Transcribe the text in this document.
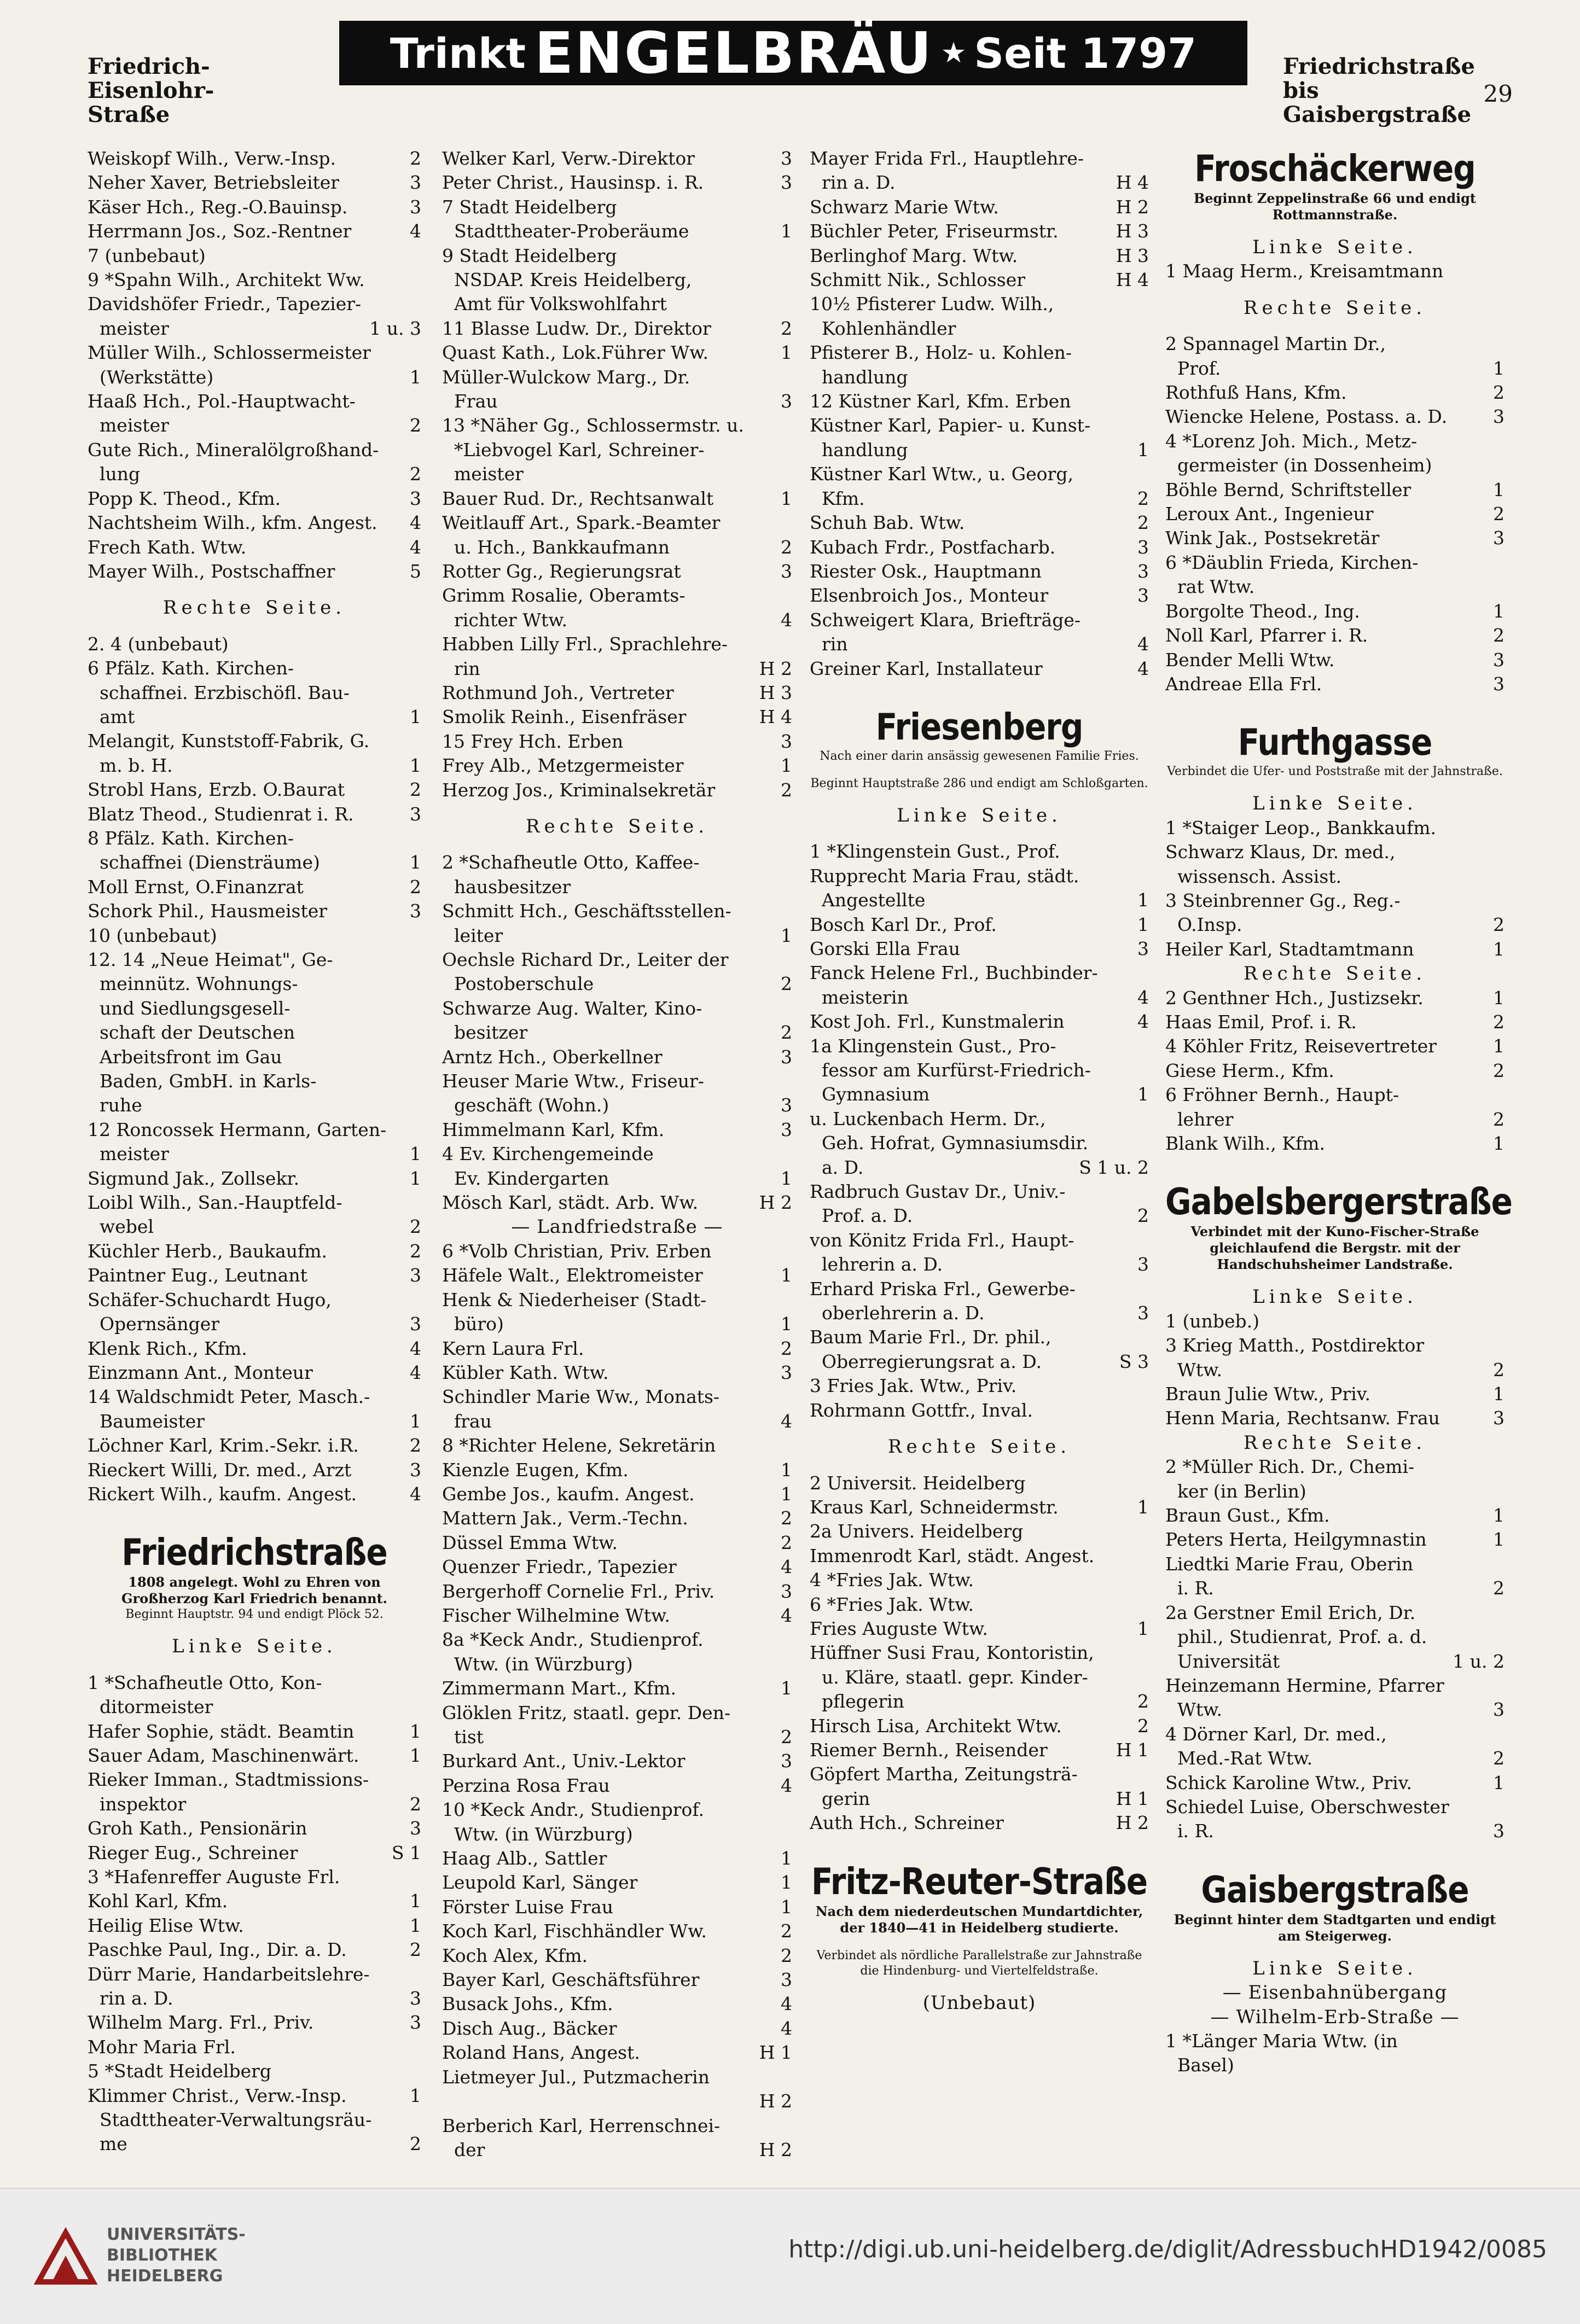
Friedrich-Eisenlohr-
Straße
Trinkt ENGELBRÄU ★ Seit 1797	Friedrichstraße bis
Gaisbergstraße
29
Weiskopf Wilh., Verw.-Insp.	2
Neher Xaver, Betriebsleiter	3
Käser Hch., Reg.-O.Bauinsp.	3
Herrmann Jos., Soz.-Rentner	4
7 (unbebaut)
9 *Spahn Wilh., Architekt Ww.
Davidshöfer Friedr., Tapezier-
meister	1 u. 3
Müller Wilh., Schlossermeister
(Werkstätte)	1
Haaß Hch., Pol.-Hauptwacht-
meister	2
Gute Rich., Mineralölgroßhand-
lung	2
Popp K. Theod., Kfm.	3
Nachtsheim Wilh., kfm. Angest.	4
Frech Kath. Wtw.	4
Mayer Wilh., Postschaffner	5
Rechte Seite.
2. 4 (unbebaut)
6 Pfälz. Kath. Kirchen-
schaffnei. Erzbischöfl. Bau-
amt	1
Melangit, Kunststoff-Fabrik, G.
m. b. H.	1
Strobl Hans, Erzb. O.Baurat	2
Blatz Theod., Studienrat i. R.	3
8 Pfälz. Kath. Kirchen-
schaffnei (Diensträume)	1
Moll Ernst, O.Finanzrat	2
Schork Phil., Hausmeister	3
10 (unbebaut)
12. 14 „Neue Heimat", Ge-
meinnütz. Wohnungs-
und Siedlungsgesell-
schaft der Deutschen
Arbeitsfront im Gau
Baden, GmbH. in Karls-
ruhe
12 Roncossek Hermann, Garten-
meister	1
Sigmund Jak., Zollsekr.	1
Loibl Wilh., San.-Hauptfeld-
webel	2
Küchler Herb., Baukaufm.	2
Paintner Eug., Leutnant	3
Schäfer-Schuchardt Hugo,
Opernsänger	3
Klenk Rich., Kfm.	4
Einzmann Ant., Monteur	4
14 Waldschmidt Peter, Masch.-
Baumeister	1
Löchner Karl, Krim.-Sekr. i.R.	2
Rieckert Willi, Dr. med., Arzt	3
Rickert Wilh., kaufm. Angest.	4
Friedrichstraße
1808 angelegt. Wohl zu Ehren von Großherzog Karl Friedrich benannt.
Beginnt Hauptstr. 94 und endigt Plöck 52.
Linke Seite.
1 *Schafheutle Otto, Kon-
ditormeister
Hafer Sophie, städt. Beamtin	1
Sauer Adam, Maschinenwärt.	1
Rieker Imman., Stadtmissions-
inspektor	2
Groh Kath., Pensionärin	3
Rieger Eug., Schreiner	S 1
3 *Hafenreffer Auguste Frl.
Kohl Karl, Kfm.	1
Heilig Elise Wtw.	1
Paschke Paul, Ing., Dir. a. D.	2
Dürr Marie, Handarbeitslehre-
rin a. D.	3
Wilhelm Marg. Frl., Priv.	3
Mohr Maria Frl.
5 *Stadt Heidelberg
Klimmer Christ., Verw.-Insp.	1
Stadttheater-Verwaltungsräu-
me	2
Welker Karl, Verw.-Direktor	3
Peter Christ., Hausinsp. i. R.	3
7 Stadt Heidelberg
Stadttheater-Proberäume	1
9 Stadt Heidelberg
NSDAP. Kreis Heidelberg,
Amt für Volkswohlfahrt
11 Blasse Ludw. Dr., Direktor	2
Quast Kath., Lok.Führer Ww.	1
Müller-Wulckow Marg., Dr.
Frau	3
13 *Näher Gg., Schlossermstr. u.
*Liebvogel Karl, Schreiner-
meister
Bauer Rud. Dr., Rechtsanwalt	1
Weitlauff Art., Spark.-Beamter
u. Hch., Bankkaufmann	2
Rotter Gg., Regierungsrat	3
Grimm Rosalie, Oberamts-
richter Wtw.	4
Habben Lilly Frl., Sprachlehre-
rin	H 2
Rothmund Joh., Vertreter	H 3
Smolik Reinh., Eisenfräser	H 4
15 Frey Hch. Erben	3
Frey Alb., Metzgermeister	1
Herzog Jos., Kriminalsekretär	2
Rechte Seite.
2 *Schafheutle Otto, Kaffee-
hausbesitzer
Schmitt Hch., Geschäftsstellen-
leiter	1
Oechsle Richard Dr., Leiter der
Postoberschule	2
Schwarze Aug. Walter, Kino-
besitzer	2
Arntz Hch., Oberkellner	3
Heuser Marie Wtw., Friseur-
geschäft (Wohn.)	3
Himmelmann Karl, Kfm.	3
4 Ev. Kirchengemeinde
Ev. Kindergarten	1
Mösch Karl, städt. Arb. Ww.	H 2
— Landfriedstraße —
6 *Volb Christian, Priv. Erben
Häfele Walt., Elektromeister	1
Henk & Niederheiser (Stadt-
büro)	1
Kern Laura Frl.	2
Kübler Kath. Wtw.	3
Schindler Marie Ww., Monats-
frau	4
8 *Richter Helene, Sekretärin
Kienzle Eugen, Kfm.	1
Gembe Jos., kaufm. Angest.	1
Mattern Jak., Verm.-Techn.	2
Düssel Emma Wtw.	2
Quenzer Friedr., Tapezier	4
Bergerhoff Cornelie Frl., Priv.	3
Fischer Wilhelmine Wtw.	4
8a *Keck Andr., Studienprof.
Wtw. (in Würzburg)
Zimmermann Mart., Kfm.	1
Glöklen Fritz, staatl. gepr. Den-
tist	2
Burkard Ant., Univ.-Lektor	3
Perzina Rosa Frau	4
10 *Keck Andr., Studienprof.
Wtw. (in Würzburg)
Haag Alb., Sattler	1
Leupold Karl, Sänger	1
Förster Luise Frau	1
Koch Karl, Fischhändler Ww.	2
Koch Alex, Kfm.	2
Bayer Karl, Geschäftsführer	3
Busack Johs., Kfm.	4
Disch Aug., Bäcker	4
Roland Hans, Angest.	H 1
Lietmeyer Jul., Putzmacherin
H 2
Berberich Karl, Herrenschnei-
der	H 2
Mayer Frida Frl., Hauptlehre-
rin a. D.	H 4
Schwarz Marie Wtw.	H 2
Büchler Peter, Friseurmstr.	H 3
Berlinghof Marg. Wtw.	H 3
Schmitt Nik., Schlosser	H 4
10½ Pfisterer Ludw. Wilh.,
Kohlenhändler
Pfisterer B., Holz- u. Kohlen-
handlung
12 Küstner Karl, Kfm. Erben
Küstner Karl, Papier- u. Kunst-
handlung	1
Küstner Karl Wtw., u. Georg,
Kfm.	2
Schuh Bab. Wtw.	2
Kubach Frdr., Postfacharb.	3
Riester Osk., Hauptmann	3
Elsenbroich Jos., Monteur	3
Schweigert Klara, Briefträge-
rin	4
Greiner Karl, Installateur	4
Friesenberg
Nach einer darin ansässig gewesenen Familie Fries.
Beginnt Hauptstraße 286 und endigt am Schloßgarten.
Linke Seite.
1 *Klingenstein Gust., Prof.
Rupprecht Maria Frau, städt.
Angestellte	1
Bosch Karl Dr., Prof.	1
Gorski Ella Frau	3
Fanck Helene Frl., Buchbinder-
meisterin	4
Kost Joh. Frl., Kunstmalerin	4
1a Klingenstein Gust., Pro-
fessor am Kurfürst-Friedrich-
Gymnasium	1
u. Luckenbach Herm. Dr.,
Geh. Hofrat, Gymnasiumsdir.
a. D.	S 1 u. 2
Radbruch Gustav Dr., Univ.-
Prof. a. D.	2
von Könitz Frida Frl., Haupt-
lehrerin a. D.	3
Erhard Priska Frl., Gewerbe-
oberlehrerin a. D.	3
Baum Marie Frl., Dr. phil.,
Oberregierungsrat a. D.	S 3
3 Fries Jak. Wtw., Priv.
Rohrmann Gottfr., Inval.
Rechte Seite.
2 Universit. Heidelberg
Kraus Karl, Schneidermstr.	1
2a Univers. Heidelberg
Immenrodt Karl, städt. Angest.
4 *Fries Jak. Wtw.
6 *Fries Jak. Wtw.
Fries Auguste Wtw.	1
Hüffner Susi Frau, Kontoristin,
u. Kläre, staatl. gepr. Kinder-
pflegerin	2
Hirsch Lisa, Architekt Wtw.	2
Riemer Bernh., Reisender	H 1
Göpfert Martha, Zeitungsträ-
gerin	H 1
Auth Hch., Schreiner	H 2
Fritz-Reuter-Straße
Nach dem niederdeutschen Mundartdichter, der 1840—41 in Heidelberg studierte.
Verbindet als nördliche Parallelstraße zur Jahnstraße die Hindenburg- und Viertelfeldstraße.
(Unbebaut)
Froschäckerweg
Beginnt Zeppelinstraße 66 und endigt Rottmannstraße.
Linke Seite.
1 Maag Herm., Kreisamtmann
Rechte Seite.
2 Spannagel Martin Dr.,
Prof.	1
Rothfuß Hans, Kfm.	2
Wiencke Helene, Postass. a. D.	3
4 *Lorenz Joh. Mich., Metz-
germeister (in Dossenheim)
Böhle Bernd, Schriftsteller	1
Leroux Ant., Ingenieur	2
Wink Jak., Postsekretär	3
6 *Däublin Frieda, Kirchen-
rat Wtw.
Borgolte Theod., Ing.	1
Noll Karl, Pfarrer i. R.	2
Bender Melli Wtw.	3
Andreae Ella Frl.	3
Furthgasse
Verbindet die Ufer- und Poststraße mit der Jahnstraße.
Linke Seite.
1 *Staiger Leop., Bankkaufm.
Schwarz Klaus, Dr. med.,
wissensch. Assist.
3 Steinbrenner Gg., Reg.-
O.Insp.	2
Heiler Karl, Stadtamtmann	1
Rechte Seite.
2 Genthner Hch., Justizsekr.	1
Haas Emil, Prof. i. R.	2
4 Köhler Fritz, Reisevertreter	1
Giese Herm., Kfm.	2
6 Fröhner Bernh., Haupt-
lehrer	2
Blank Wilh., Kfm.	1
Gabelsbergerstraße
Verbindet mit der Kuno-Fischer-Straße gleichlaufend die Bergstr. mit der Handschuhsheimer Landstraße.
Linke Seite.
1 (unbeb.)
3 Krieg Matth., Postdirektor
Wtw.	2
Braun Julie Wtw., Priv.	1
Henn Maria, Rechtsanw. Frau	3
Rechte Seite.
2 *Müller Rich. Dr., Chemi-
ker (in Berlin)
Braun Gust., Kfm.	1
Peters Herta, Heilgymnastin	1
Liedtki Marie Frau, Oberin
i. R.	2
2a Gerstner Emil Erich, Dr.
phil., Studienrat, Prof. a. d.
Universität	1 u. 2
Heinzemann Hermine, Pfarrer
Wtw.	3
4 Dörner Karl, Dr. med.,
Med.-Rat Wtw.	2
Schick Karoline Wtw., Priv.	1
Schiedel Luise, Oberschwester
i. R.	3
Gaisbergstraße
Beginnt hinter dem Stadtgarten und endigt am Steigerweg.
Linke Seite.
— Eisenbahnübergang
— Wilhelm-Erb-Straße —
1 *Länger Maria Wtw. (in
Basel)
UNIVERSITÄTS-
BIBLIOTHEK
HEIDELBERG
http://digi.ub.uni-heidelberg.de/diglit/AdressbuchHD1942/0085
